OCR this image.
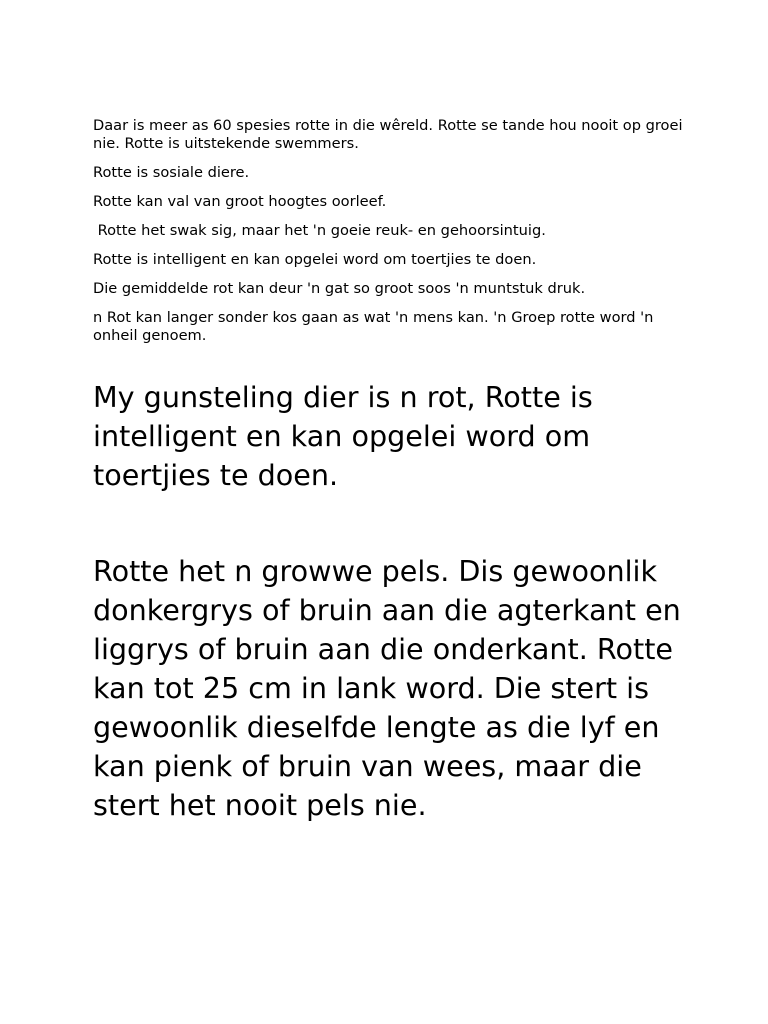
Daar is meer as 60 spesies rotte in die wêreld. Rotte se tande hou nooit op groei nie. Rotte is uitstekende swemmers.

Rotte is sosiale diere.

Rotte kan val van groot hoogtes oorleef.

Rotte het swak sig, maar het 'n goeie reuk- en gehoorsintuig.

Rotte is intelligent en kan opgelei word om toertjies te doen.

Die gemiddelde rot kan deur 'n gat so groot soos 'n muntstuk druk.

n Rot kan langer sonder kos gaan as wat 'n mens kan. 'n Groep rotte word 'n onheil genoem.

My gunsteling dier is n rot, Rotte is intelligent en kan opgelei word om toertjies te doen.

Rotte het n growwe pels. Dis gewoonlik donkergrys of bruin aan die agterkant en liggrys of bruin aan die onderkant. Rotte kan tot 25 cm in lank word. Die stert is gewoonlik dieselfde lengte as die lyf en kan pienk of bruin van wees, maar die stert het nooit pels nie.
